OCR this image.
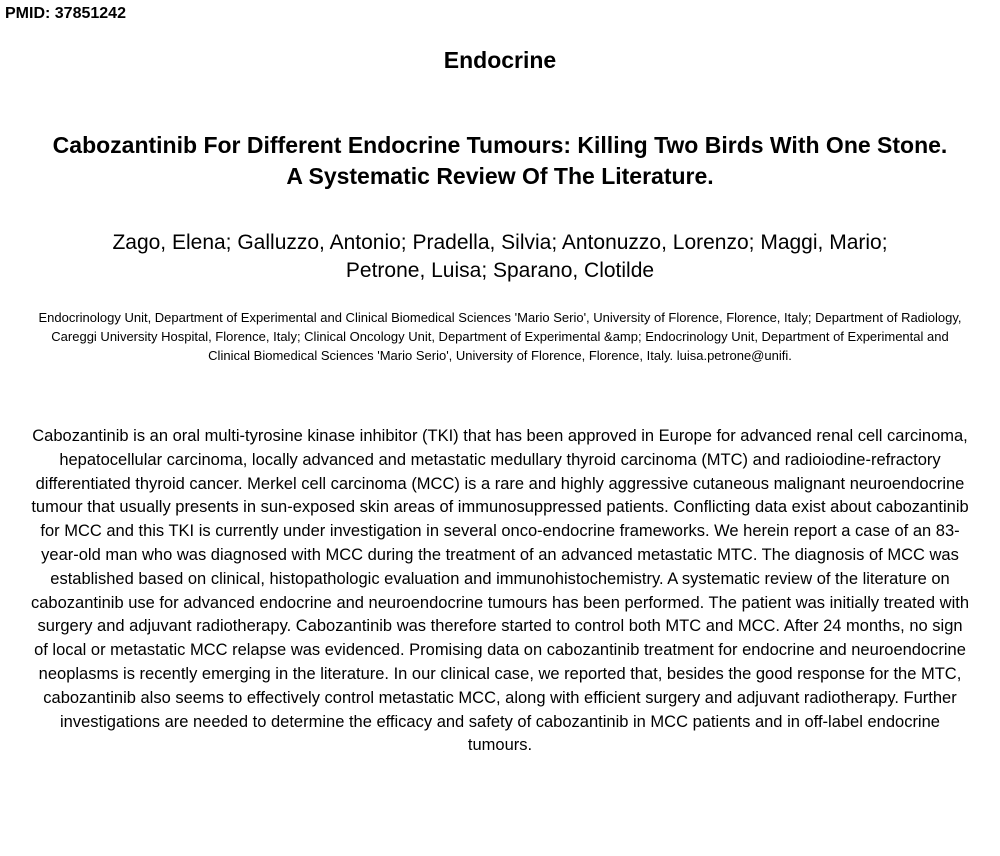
PMID: 37851242
Endocrine
Cabozantinib For Different Endocrine Tumours: Killing Two Birds With One Stone. A Systematic Review Of The Literature.
Zago, Elena; Galluzzo, Antonio; Pradella, Silvia; Antonuzzo, Lorenzo; Maggi, Mario; Petrone, Luisa; Sparano, Clotilde
Endocrinology Unit, Department of Experimental and Clinical Biomedical Sciences 'Mario Serio', University of Florence, Florence, Italy; Department of Radiology, Careggi University Hospital, Florence, Italy; Clinical Oncology Unit, Department of Experimental &amp; Endocrinology Unit, Department of Experimental and Clinical Biomedical Sciences 'Mario Serio', University of Florence, Florence, Italy. luisa.petrone@unifi.
Cabozantinib is an oral multi-tyrosine kinase inhibitor (TKI) that has been approved in Europe for advanced renal cell carcinoma, hepatocellular carcinoma, locally advanced and metastatic medullary thyroid carcinoma (MTC) and radioiodine-refractory differentiated thyroid cancer. Merkel cell carcinoma (MCC) is a rare and highly aggressive cutaneous malignant neuroendocrine tumour that usually presents in sun-exposed skin areas of immunosuppressed patients. Conflicting data exist about cabozantinib for MCC and this TKI is currently under investigation in several onco-endocrine frameworks. We herein report a case of an 83-year-old man who was diagnosed with MCC during the treatment of an advanced metastatic MTC. The diagnosis of MCC was established based on clinical, histopathologic evaluation and immunohistochemistry. A systematic review of the literature on cabozantinib use for advanced endocrine and neuroendocrine tumours has been performed. The patient was initially treated with surgery and adjuvant radiotherapy. Cabozantinib was therefore started to control both MTC and MCC. After 24 months, no sign of local or metastatic MCC relapse was evidenced. Promising data on cabozantinib treatment for endocrine and neuroendocrine neoplasms is recently emerging in the literature. In our clinical case, we reported that, besides the good response for the MTC, cabozantinib also seems to effectively control metastatic MCC, along with efficient surgery and adjuvant radiotherapy. Further investigations are needed to determine the efficacy and safety of cabozantinib in MCC patients and in off-label endocrine tumours.
